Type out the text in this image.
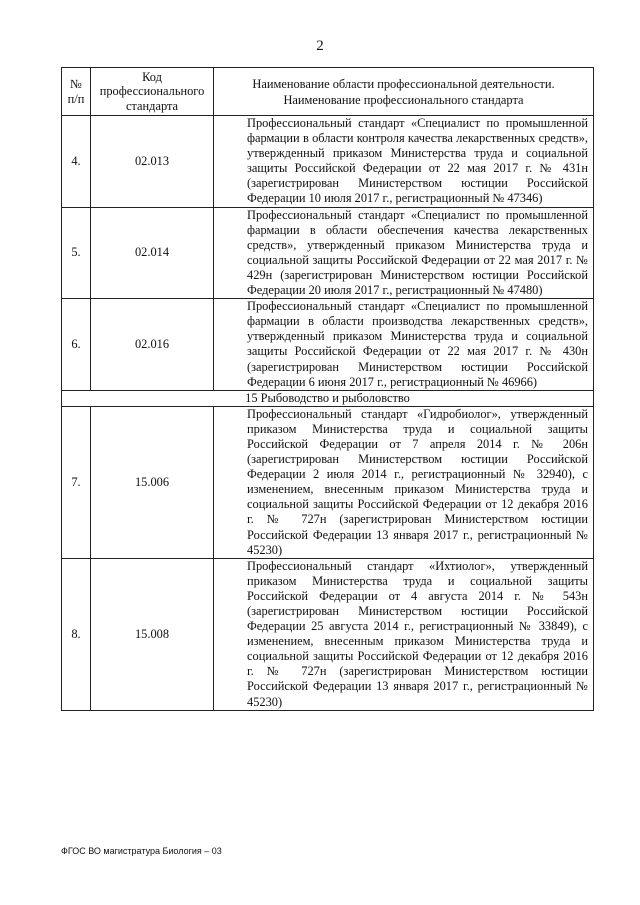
2
№ п/п	Код профессионального стандарта	Наименование области профессиональной деятельности.
Наименование профессионального стандарта

4.	02.013	Профессиональный стандарт «Специалист по промышленной фармации в области контроля качества лекарственных средств», утвержденный приказом Министерства труда и социальной защиты Российской Федерации от 22 мая 2017 г. № 431н (зарегистрирован Министерством юстиции Российской Федерации 10 июля 2017 г., регистрационный № 47346)

5.	02.014	Профессиональный стандарт «Специалист по промышленной фармации в области обеспечения качества лекарственных средств», утвержденный приказом Министерства труда и социальной защиты Российской Федерации от 22 мая 2017 г. № 429н (зарегистрирован Министерством юстиции Российской Федерации 20 июля 2017 г., регистрационный № 47480)

6.	02.016	Профессиональный стандарт «Специалист по промышленной фармации в области производства лекарственных средств», утвержденный приказом Министерства труда и социальной защиты Российской Федерации от 22 мая 2017 г. № 430н (зарегистрирован Министерством юстиции Российской Федерации 6 июня 2017 г., регистрационный № 46966)

15 Рыбоводство и рыболовство		
7.	15.006	Профессиональный стандарт «Гидробиолог», утвержденный приказом Министерства труда и социальной защиты Российской Федерации от 7 апреля 2014 г. № 206н (зарегистрирован Министерством юстиции Российской Федерации 2 июля 2014 г., регистрационный № 32940), с изменением, внесенным приказом Министерства труда и социальной защиты Российской Федерации от 12 декабря 2016 г. № 727н (зарегистрирован Министерством юстиции Российской Федерации 13 января 2017 г., регистрационный № 45230)

8.	15.008	Профессиональный стандарт «Ихтиолог», утвержденный приказом Министерства труда и социальной защиты Российской Федерации от 4 августа 2014 г. № 543н (зарегистрирован Министерством юстиции Российской Федерации 25 августа 2014 г., регистрационный № 33849), с изменением, внесенным приказом Министерства труда и социальной защиты Российской Федерации от 12 декабря 2016 г. № 727н (зарегистрирован Министерством юстиции Российской Федерации 13 января 2017 г., регистрационный № 45230)
ФГОС ВО магистратура Биология – 03
